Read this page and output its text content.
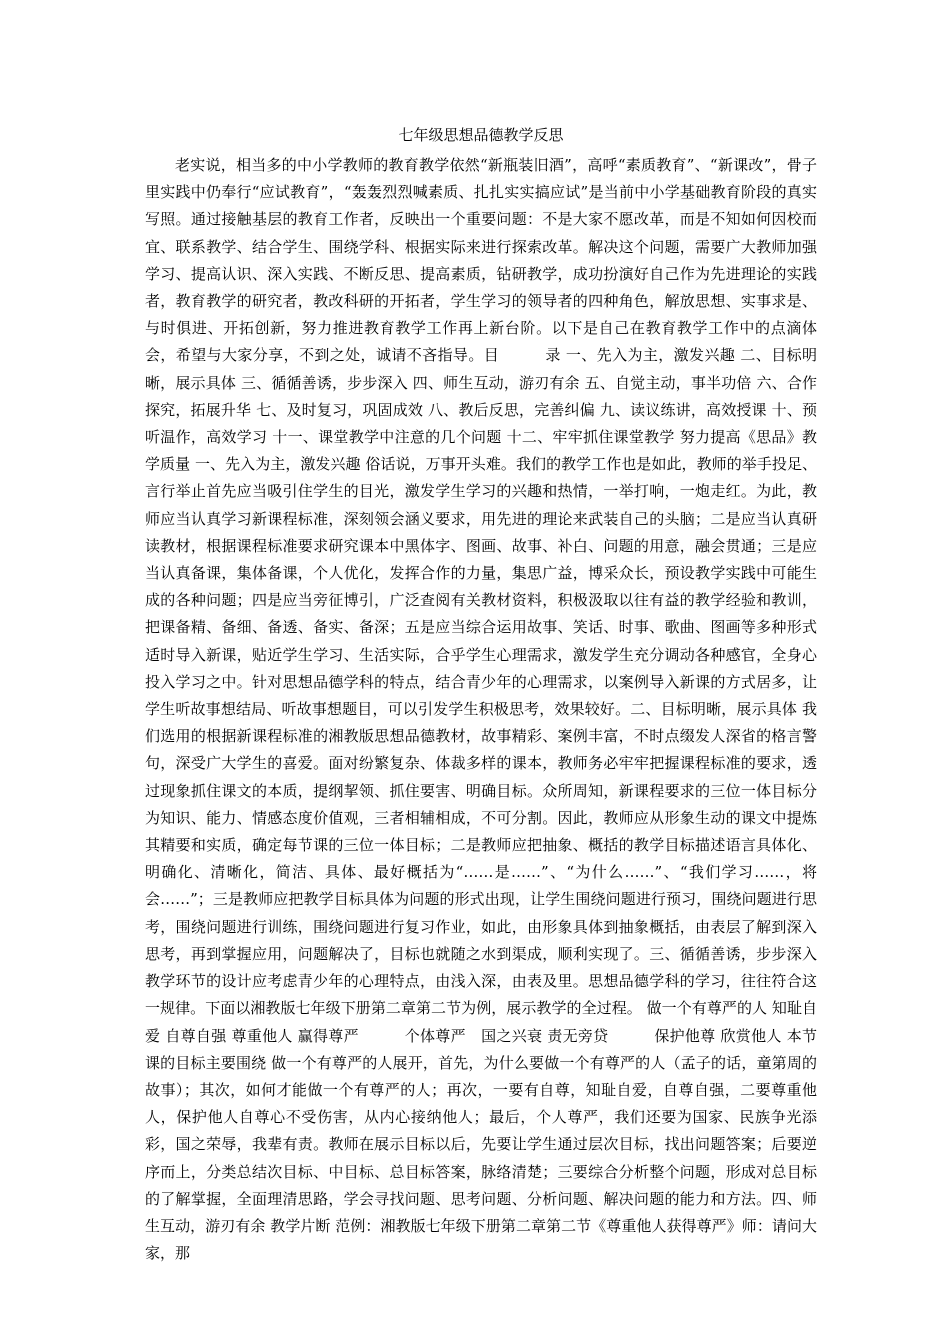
七年级思想品德教学反思

老实说，相当多的中小学教师的教育教学依然“新瓶装旧酒”，高呼“素质教育”、“新课改”，骨子里实践中仍奉行“应试教育”，“轰轰烈烈喊素质、扎扎实实搞应试”是当前中小学基础教育阶段的真实写照。通过接触基层的教育工作者，反映出一个重要问题：不是大家不愿改革，而是不知如何因校而宜、联系教学、结合学生、围绕学科、根据实际来进行探索改革。解决这个问题，需要广大教师加强学习、提高认识、深入实践、不断反思、提高素质，钻研教学，成功扮演好自己作为先进理论的实践者，教育教学的研究者，教改科研的开拓者，学生学习的领导者的四种角色，解放思想、实事求是、与时俱进、开拓创新，努力推进教育教学工作再上新台阶。以下是自己在教育教学工作中的点滴体会，希望与大家分享，不到之处，诚请不吝指导。目　　　录 一、先入为主，激发兴趣 二、目标明晰，展示具体 三、循循善诱，步步深入 四、师生互动，游刃有余 五、自觉主动，事半功倍 六、合作探究，拓展升华 七、及时复习，巩固成效 八、教后反思，完善纠偏 九、读议练讲，高效授课 十、预听温作，高效学习 十一、课堂教学中注意的几个问题 十二、牢牢抓住课堂教学 努力提高《思品》教学质量 一、先入为主，激发兴趣 俗话说，万事开头难。我们的教学工作也是如此，教师的举手投足、言行举止首先应当吸引住学生的目光，激发学生学习的兴趣和热情，一举打响，一炮走红。为此，教师应当认真学习新课程标准，深刻领会涵义要求，用先进的理论来武装自己的头脑；二是应当认真研读教材，根据课程标准要求研究课本中黑体字、图画、故事、补白、问题的用意，融会贯通；三是应当认真备课，集体备课，个人优化，发挥合作的力量，集思广益，博采众长，预设教学实践中可能生成的各种问题；四是应当旁征博引，广泛查阅有关教材资料，积极汲取以往有益的教学经验和教训，把课备精、备细、备透、备实、备深；五是应当综合运用故事、笑话、时事、歌曲、图画等多种形式适时导入新课，贴近学生学习、生活实际，合乎学生心理需求，激发学生充分调动各种感官，全身心投入学习之中。针对思想品德学科的特点，结合青少年的心理需求，以案例导入新课的方式居多，让学生听故事想结局、听故事想题目，可以引发学生积极思考，效果较好。二、目标明晰，展示具体 我们选用的根据新课程标准的湘教版思想品德教材，故事精彩、案例丰富，不时点缀发人深省的格言警句，深受广大学生的喜爱。面对纷繁复杂、体裁多样的课本，教师务必牢牢把握课程标准的要求，透过现象抓住课文的本质，提纲挈领、抓住要害、明确目标。众所周知，新课程要求的三位一体目标分为知识、能力、情感态度价值观，三者相辅相成，不可分割。因此，教师应从形象生动的课文中提炼其精要和实质，确定每节课的三位一体目标；二是教师应把抽象、概括的教学目标描述语言具体化、明确化、清晰化，简洁、具体、最好概括为“……是……”、“为什么……”、“我们学习……，将会……”；三是教师应把教学目标具体为问题的形式出现，让学生围绕问题进行预习，围绕问题进行思考，围绕问题进行训练，围绕问题进行复习作业，如此，由形象具体到抽象概括，由表层了解到深入思考，再到掌握应用，问题解决了，目标也就随之水到渠成，顺利实现了。三、循循善诱，步步深入 教学环节的设计应考虑青少年的心理特点，由浅入深，由表及里。思想品德学科的学习，往往符合这一规律。下面以湘教版七年级下册第二章第二节为例，展示教学的全过程。 做一个有尊严的人 知耻自爱 自尊自强 尊重他人 赢得尊严　　　个体尊严　国之兴衰 责无旁贷　　　保护他尊 欣赏他人 本节课的目标主要围绕 做一个有尊严的人展开，首先，为什么要做一个有尊严的人（孟子的话，童第周的故事）；其次，如何才能做一个有尊严的人；再次，一要有自尊，知耻自爱，自尊自强，二要尊重他人，保护他人自尊心不受伤害，从内心接纳他人；最后，个人尊严，我们还要为国家、民族争光添彩，国之荣辱，我辈有责。教师在展示目标以后，先要让学生通过层次目标，找出问题答案；后要逆序而上，分类总结次目标、中目标、总目标答案，脉络清楚；三要综合分析整个问题，形成对总目标的了解掌握，全面理清思路，学会寻找问题、思考问题、分析问题、解决问题的能力和方法。四、师生互动，游刃有余 教学片断 范例：湘教版七年级下册第二章第二节《尊重他人获得尊严》师：请问大家，那
